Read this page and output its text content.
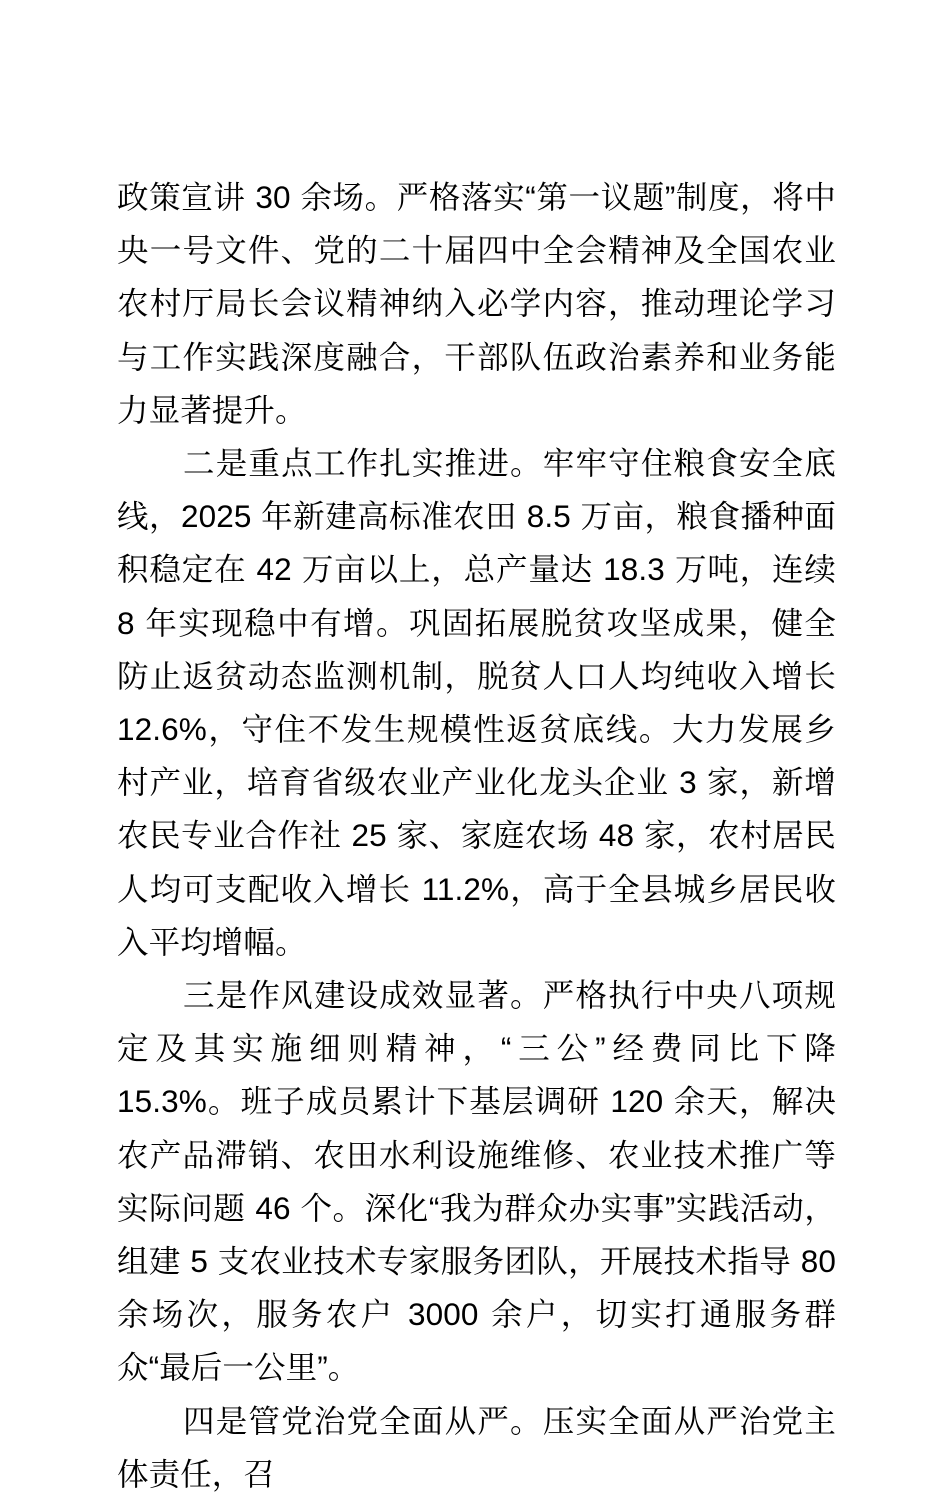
政策宣讲 30 余场。严格落实“第一议题”制度，将中央一号文件、党的二十届四中全会精神及全国农业农村厅局长会议精神纳入必学内容，推动理论学习与工作实践深度融合，干部队伍政治素养和业务能力显著提升。

二是重点工作扎实推进。牢牢守住粮食安全底线，2025 年新建高标准农田 8.5 万亩，粮食播种面积稳定在 42 万亩以上，总产量达 18.3 万吨，连续 8 年实现稳中有增。巩固拓展脱贫攻坚成果，健全防止返贫动态监测机制，脱贫人口人均纯收入增长 12.6%，守住不发生规模性返贫底线。大力发展乡村产业，培育省级农业产业化龙头企业 3 家，新增农民专业合作社 25 家、家庭农场 48 家，农村居民人均可支配收入增长 11.2%，高于全县城乡居民收入平均增幅。

三是作风建设成效显著。严格执行中央八项规定及其实施细则精神，“三公”经费同比下降 15.3%。班子成员累计下基层调研 120 余天，解决农产品滞销、农田水利设施维修、农业技术推广等实际问题 46 个。深化“我为群众办实事”实践活动，组建 5 支农业技术专家服务团队，开展技术指导 80 余场次，服务农户 3000 余户，切实打通服务群众“最后一公里”。

四是管党治党全面从严。压实全面从严治党主体责任，召
